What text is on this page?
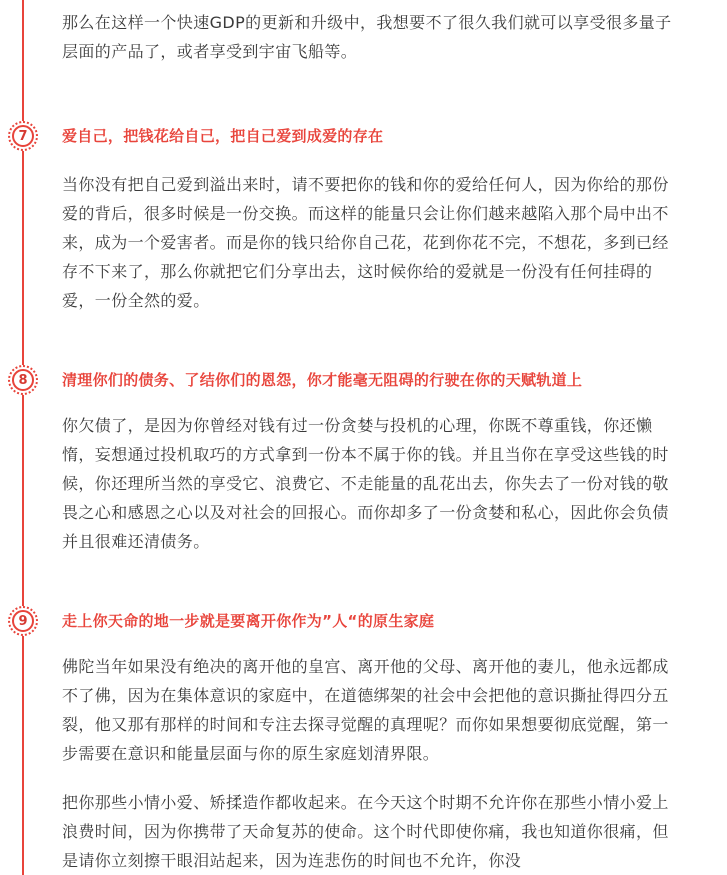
那么在这样一个快速GDP的更新和升级中，我想要不了很久我们就可以享受很多量子层面的产品了，或者享受到宇宙飞船等。

7	爱自己，把钱花给自己，把自己爱到成爱的存在

当你没有把自己爱到溢出来时，请不要把你的钱和你的爱给任何人，因为你给的那份爱的背后，很多时候是一份交换。而这样的能量只会让你们越来越陷入那个局中出不来，成为一个爱害者。而是你的钱只给你自己花，花到你花不完，不想花，多到已经存不下来了，那么你就把它们分享出去，这时候你给的爱就是一份没有任何挂碍的爱，一份全然的爱。

8	清理你们的债务、了结你们的恩怨，你才能毫无阻碍的行驶在你的天赋轨道上

你欠债了，是因为你曾经对钱有过一份贪婪与投机的心理，你既不尊重钱，你还懒惰，妄想通过投机取巧的方式拿到一份本不属于你的钱。并且当你在享受这些钱的时候，你还理所当然的享受它、浪费它、不走能量的乱花出去，你失去了一份对钱的敬畏之心和感恩之心以及对社会的回报心。而你却多了一份贪婪和私心，因此你会负债并且很难还清债务。

9	走上你天命的地一步就是要离开你作为”人“的原生家庭

佛陀当年如果没有绝决的离开他的皇宫、离开他的父母、离开他的妻儿，他永远都成不了佛，因为在集体意识的家庭中，在道德绑架的社会中会把他的意识撕扯得四分五裂，他又那有那样的时间和专注去探寻觉醒的真理呢？而你如果想要彻底觉醒，第一步需要在意识和能量层面与你的原生家庭划清界限。

把你那些小情小爱、矫揉造作都收起来。在今天这个时期不允许你在那些小情小爱上浪费时间，因为你携带了天命复苏的使命。这个时代即使你痛，我也知道你很痛，但是请你立刻擦干眼泪站起来，因为连悲伤的时间也不允许，你没
